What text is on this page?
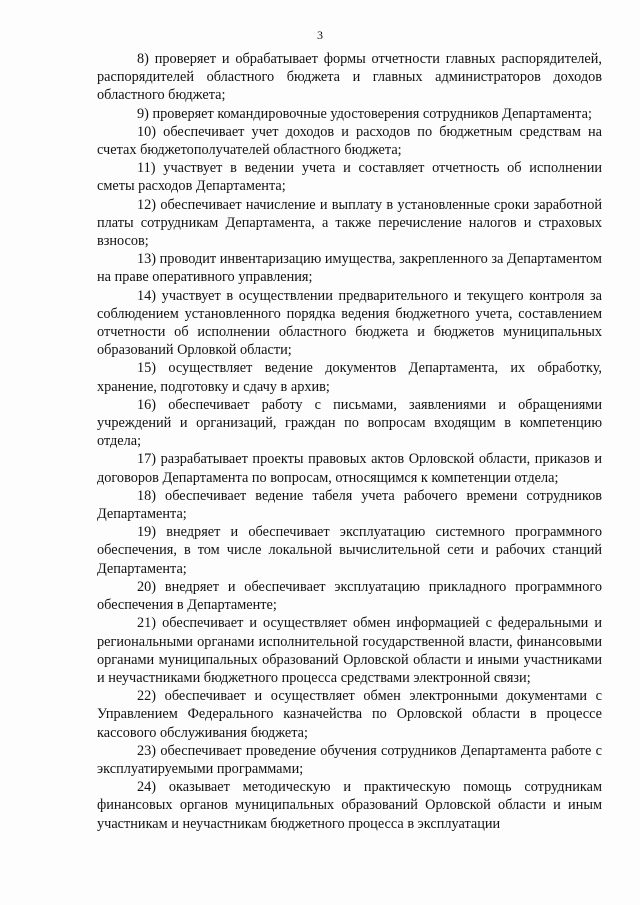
3

8) проверяет и обрабатывает формы отчетности главных распорядителей, распорядителей областного бюджета и главных администраторов доходов областного бюджета;

9) проверяет командировочные удостоверения сотрудников Департамента;

10) обеспечивает учет доходов и расходов по бюджетным средствам на счетах бюджетополучателей областного бюджета;

11) участвует в ведении учета и составляет отчетность об исполнении сметы расходов Департамента;

12) обеспечивает начисление и выплату в установленные сроки заработной платы сотрудникам Департамента, а также перечисление налогов и страховых взносов;

13) проводит инвентаризацию имущества, закрепленного за Департаментом на праве оперативного управления;

14) участвует в осуществлении предварительного и текущего контроля за соблюдением установленного порядка ведения бюджетного учета, составлением отчетности об исполнении областного бюджета и бюджетов муниципальных образований Орловкой области;

15) осуществляет ведение документов Департамента, их обработку, хранение, подготовку и сдачу в архив;

16) обеспечивает работу с письмами, заявлениями и обращениями учреждений и организаций, граждан по вопросам входящим в компетенцию отдела;

17) разрабатывает проекты правовых актов Орловской области, приказов и договоров Департамента по вопросам, относящимся к компетенции отдела;

18) обеспечивает ведение табеля учета рабочего времени сотрудников Департамента;

19) внедряет и обеспечивает эксплуатацию системного программного обеспечения, в том числе локальной вычислительной сети и рабочих станций Департамента;

20) внедряет и обеспечивает эксплуатацию прикладного программного обеспечения в Департаменте;

21) обеспечивает и осуществляет обмен информацией с федеральными и региональными органами исполнительной государственной власти, финансовыми органами муниципальных образований Орловской области и иными участниками и неучастниками бюджетного процесса средствами электронной связи;

22) обеспечивает и осуществляет обмен электронными документами с Управлением Федерального казначейства по Орловской области в процессе кассового обслуживания бюджета;

23) обеспечивает проведение обучения сотрудников Департамента работе с эксплуатируемыми программами;

24) оказывает методическую и практическую помощь сотрудникам финансовых органов муниципальных образований Орловской области и иным участникам и неучастникам бюджетного процесса в эксплуатации
